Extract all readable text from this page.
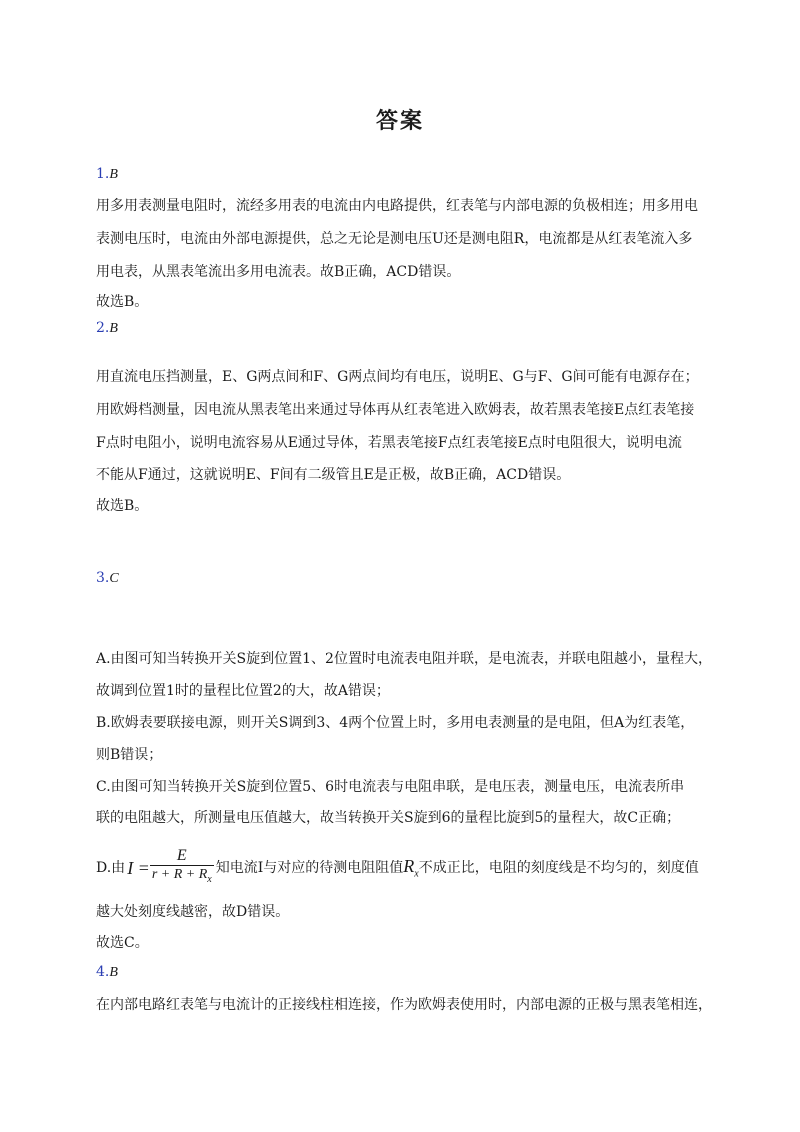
答案
1.B
用多用表测量电阻时，流经多用表的电流由内电路提供，红表笔与内部电源的负极相连；用多用电
表测电压时，电流由外部电源提供，总之无论是测电压U还是测电阻R，电流都是从红表笔流入多
用电表，从黑表笔流出多用电流表。故B正确，ACD错误。
故选B。
2.B
用直流电压挡测量，E、G两点间和F、G两点间均有电压，说明E、G与F、G间可能有电源存在；
用欧姆档测量，因电流从黑表笔出来通过导体再从红表笔进入欧姆表，故若黑表笔接E点红表笔接
F点时电阻小，说明电流容易从E通过导体，若黑表笔接F点红表笔接E点时电阻很大，说明电流
不能从F通过，这就说明E、F间有二级管且E是正极，故B正确，ACD错误。
故选B。
3.C
A.由图可知当转换开关S旋到位置1、2位置时电流表电阻并联，是电流表，并联电阻越小，量程大，
故调到位置1时的量程比位置2的大，故A错误；
B.欧姆表要联接电源，则开关S调到3、4两个位置上时，多用电表测量的是电阻，但A为红表笔，
则B错误；
C.由图可知当转换开关S旋到位置5、6时电流表与电阻串联，是电压表，测量电压，电流表所串
联的电阻越大，所测量电压值越大，故当转换开关S旋到6的量程比旋到5的量程大，故C正确；
D.由 $I = \frac{E}{r + R + R_x}$ 知电流I与对应的待测电阻阻值$R_x$不成正比，电阻的刻度线是不均匀的，刻度值
越大处刻度线越密，故D错误。
故选C。
4.B
在内部电路红表笔与电流计的正接线柱相连接，作为欧姆表使用时，内部电源的正极与黑表笔相连，
